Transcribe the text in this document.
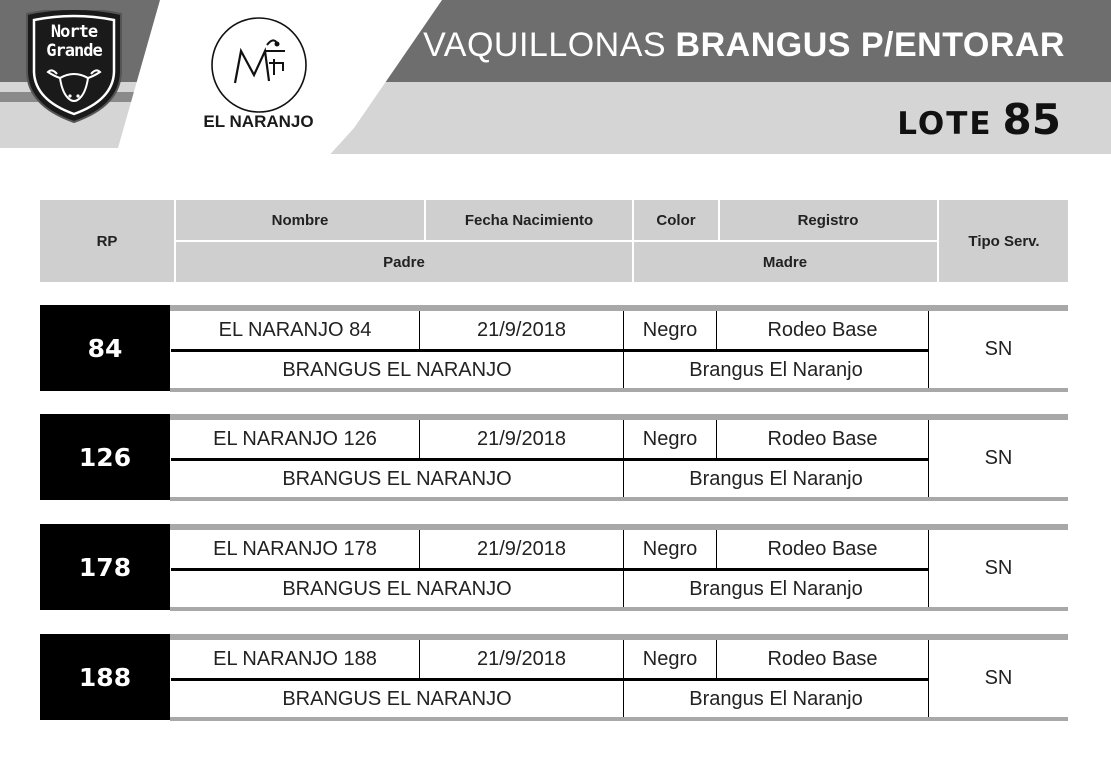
Norte
Grande
EL NARANJO
VAQUILLONAS BRANGUS P/ENTORAR
LOTE 85
RP
Nombre	Fecha Nacimiento	Color	Registro
Tipo Serv.
Padre	Madre
84
EL NARANJO 84	21/9/2018	Negro	Rodeo Base
BRANGUS EL NARANJO	Brangus El Naranjo
SN
126
EL NARANJO 126	21/9/2018	Negro	Rodeo Base
BRANGUS EL NARANJO	Brangus El Naranjo
SN
178
EL NARANJO 178	21/9/2018	Negro	Rodeo Base
BRANGUS EL NARANJO	Brangus El Naranjo
SN
188
EL NARANJO 188	21/9/2018	Negro	Rodeo Base
BRANGUS EL NARANJO	Brangus El Naranjo
SN
